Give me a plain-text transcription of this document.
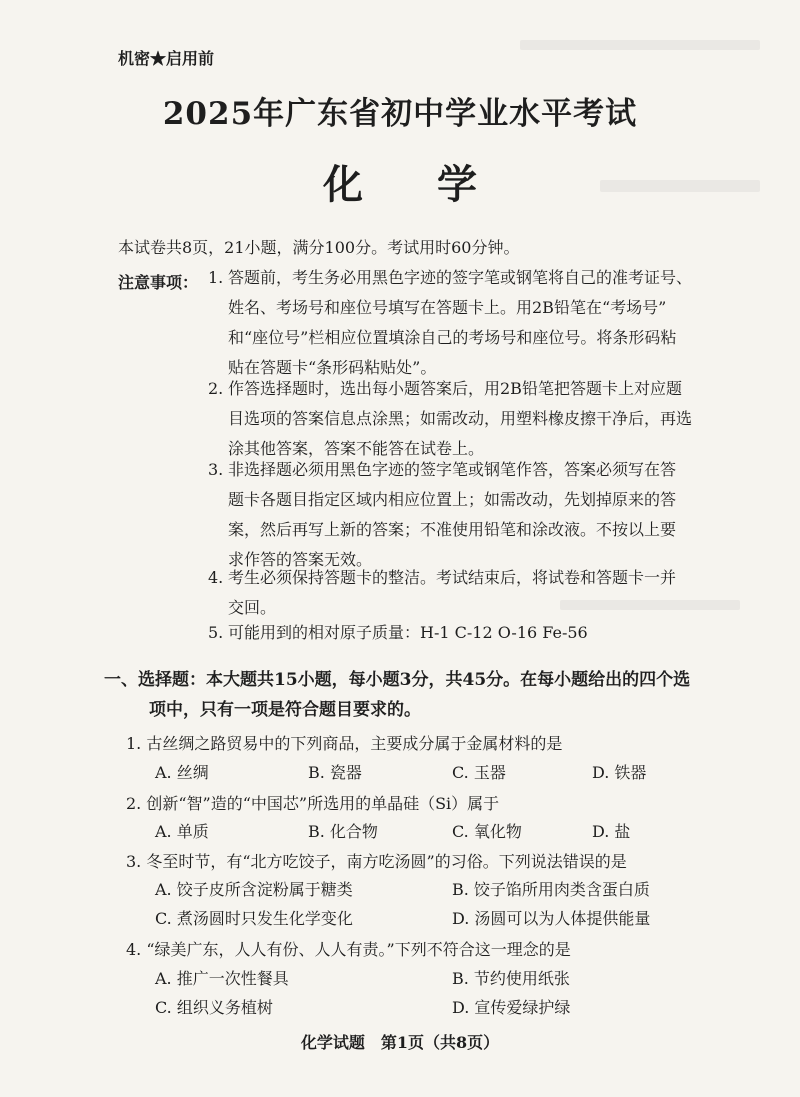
机密★启用前
2025年广东省初中学业水平考试
化 学
本试卷共8页，21小题，满分100分。考试用时60分钟。
注意事项： 1. 答题前，考生务必用黑色字迹的签字笔或钢笔将自己的准考证号、
姓名、考场号和座位号填写在答题卡上。用2B铅笔在“考场号”
和“座位号”栏相应位置填涂自己的考场号和座位号。将条形码粘
贴在答题卡“条形码粘贴处”。
2. 作答选择题时，选出每小题答案后，用2B铅笔把答题卡上对应题
目选项的答案信息点涂黑；如需改动，用塑料橡皮擦干净后，再选
涂其他答案，答案不能答在试卷上。
3. 非选择题必须用黑色字迹的签字笔或钢笔作答，答案必须写在答
题卡各题目指定区域内相应位置上；如需改动，先划掉原来的答
案，然后再写上新的答案；不准使用铅笔和涂改液。不按以上要
求作答的答案无效。
4. 考生必须保持答题卡的整洁。考试结束后，将试卷和答题卡一并
交回。
5. 可能用到的相对原子质量：H-1 C-12 O-16 Fe-56
一、选择题：本大题共15小题，每小题3分，共45分。在每小题给出的四个选
项中，只有一项是符合题目要求的。
1. 古丝绸之路贸易中的下列商品，主要成分属于金属材料的是
A. 丝绸	B. 瓷器	C. 玉器	D. 铁器
2. 创新“智”造的“中国芯”所选用的单晶硅（Si）属于
A. 单质	B. 化合物	C. 氧化物	D. 盐
3. 冬至时节，有“北方吃饺子，南方吃汤圆”的习俗。下列说法错误的是
A. 饺子皮所含淀粉属于糖类	B. 饺子馅所用肉类含蛋白质
C. 煮汤圆时只发生化学变化	D. 汤圆可以为人体提供能量
4. “绿美广东，人人有份、人人有责。”下列不符合这一理念的是
A. 推广一次性餐具	B. 节约使用纸张
C. 组织义务植树	D. 宣传爱绿护绿
化学试题　第1页（共8页）
